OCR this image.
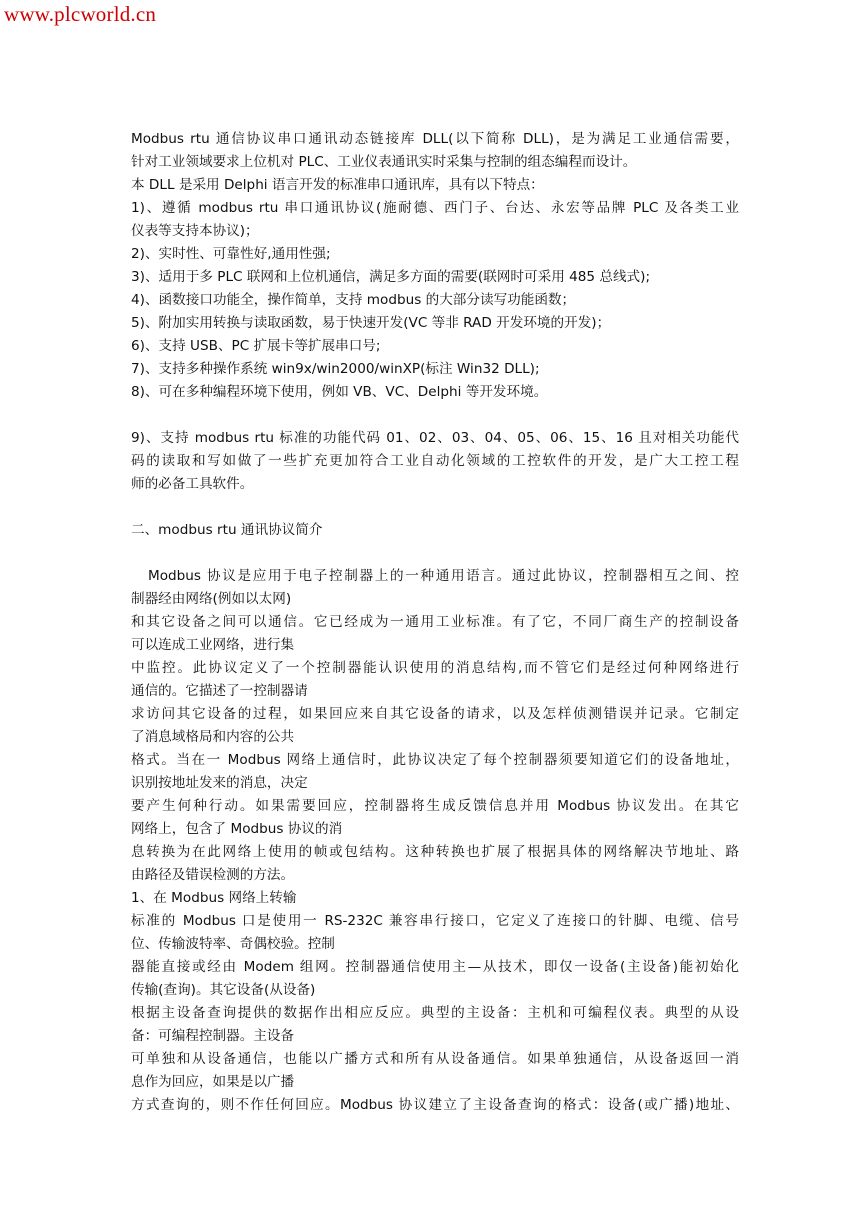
www.plcworld.cn
Modbus rtu 通信协议串口通讯动态链接库 DLL(以下简称 DLL)，是为满足工业通信需要，
针对工业领域要求上位机对 PLC、工业仪表通讯实时采集与控制的组态编程而设计。
本 DLL 是采用 Delphi 语言开发的标准串口通讯库，具有以下特点：
1)、遵循 modbus rtu 串口通讯协议(施耐德、西门子、台达、永宏等品牌 PLC 及各类工业
仪表等支持本协议)；
2)、实时性、可靠性好,通用性强;
3)、适用于多 PLC 联网和上位机通信，满足多方面的需要(联网时可采用 485 总线式);
4)、函数接口功能全，操作简单，支持 modbus 的大部分读写功能函数；
5)、附加实用转换与读取函数，易于快速开发(VC 等非 RAD 开发环境的开发)；
6)、支持 USB、PC 扩展卡等扩展串口号;
7)、支持多种操作系统 win9x/win2000/winXP(标注 Win32 DLL);
8)、可在多种编程环境下使用，例如 VB、VC、Delphi 等开发环境。
9)、支持 modbus rtu 标准的功能代码 01、02、03、04、05、06、15、16 且对相关功能代
码的读取和写如做了一些扩充更加符合工业自动化领域的工控软件的开发，是广大工控工程
师的必备工具软件。
二、modbus rtu 通讯协议简介
Modbus 协议是应用于电子控制器上的一种通用语言。通过此协议，控制器相互之间、控
制器经由网络(例如以太网)
和其它设备之间可以通信。它已经成为一通用工业标准。有了它，不同厂商生产的控制设备
可以连成工业网络，进行集
中监控。此协议定义了一个控制器能认识使用的消息结构,而不管它们是经过何种网络进行
通信的。它描述了一控制器请
求访问其它设备的过程，如果回应来自其它设备的请求，以及怎样侦测错误并记录。它制定
了消息域格局和内容的公共
格式。当在一 Modbus 网络上通信时，此协议决定了每个控制器须要知道它们的设备地址，
识别按地址发来的消息，决定
要产生何种行动。如果需要回应，控制器将生成反馈信息并用 Modbus 协议发出。在其它
网络上，包含了 Modbus 协议的消
息转换为在此网络上使用的帧或包结构。这种转换也扩展了根据具体的网络解决节地址、路
由路径及错误检测的方法。
1、在 Modbus 网络上转输
标准的 Modbus 口是使用一 RS-232C 兼容串行接口，它定义了连接口的针脚、电缆、信号
位、传输波特率、奇偶校验。控制
器能直接或经由 Modem 组网。控制器通信使用主—从技术，即仅一设备(主设备)能初始化
传输(查询)。其它设备(从设备)
根据主设备查询提供的数据作出相应反应。典型的主设备：主机和可编程仪表。典型的从设
备：可编程控制器。主设备
可单独和从设备通信，也能以广播方式和所有从设备通信。如果单独通信，从设备返回一消
息作为回应，如果是以广播
方式查询的，则不作任何回应。Modbus 协议建立了主设备查询的格式：设备(或广播)地址、
